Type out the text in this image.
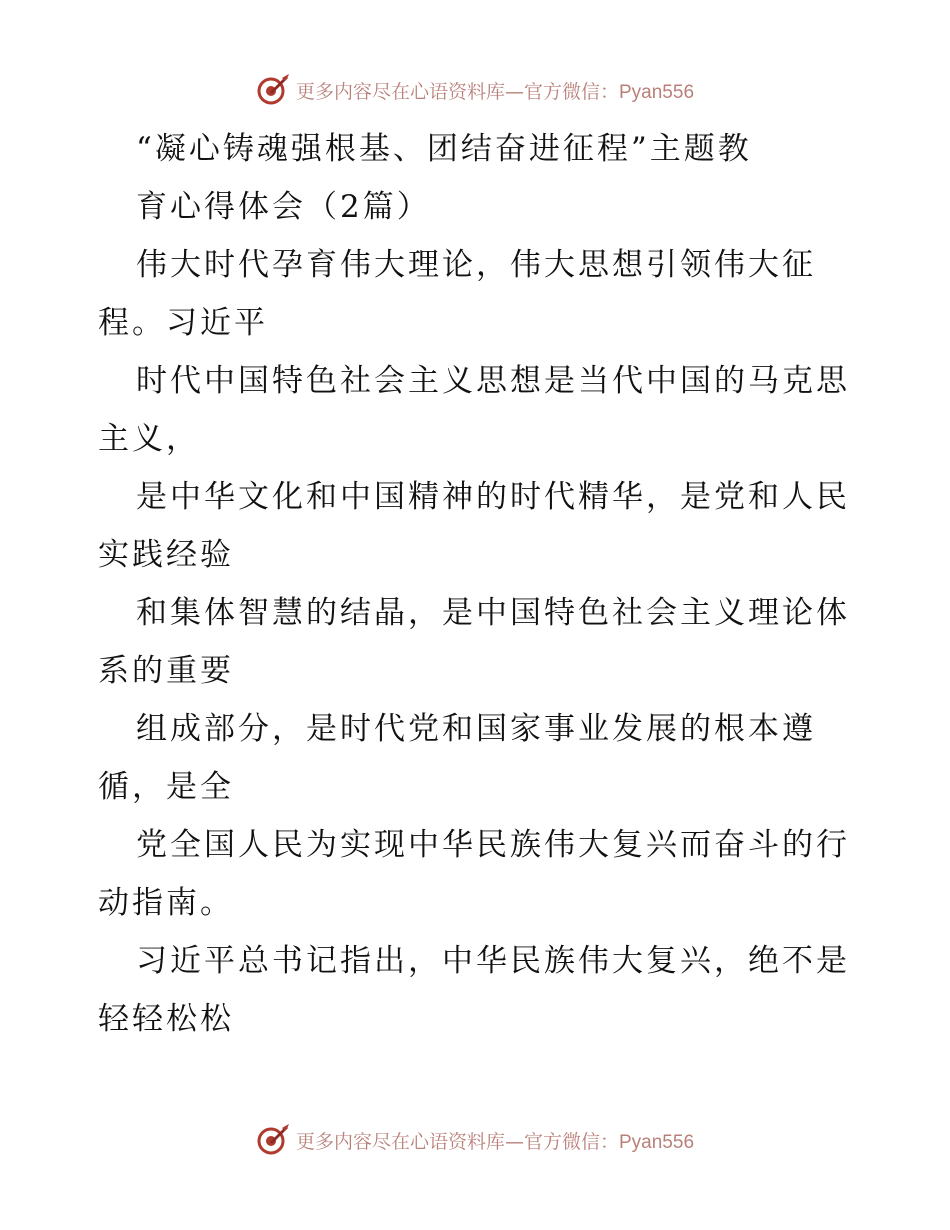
更多内容尽在心语资料库—官方微信：Pyan556
“凝心铸魂强根基、团结奋进征程”主题教
育心得体会（2篇）
伟大时代孕育伟大理论，伟大思想引领伟大征
程。习近平
时代中国特色社会主义思想是当代中国的马克思
主义，
是中华文化和中国精神的时代精华，是党和人民
实践经验
和集体智慧的结晶，是中国特色社会主义理论体
系的重要
组成部分，是时代党和国家事业发展的根本遵
循，是全
党全国人民为实现中华民族伟大复兴而奋斗的行
动指南。
习近平总书记指出，中华民族伟大复兴，绝不是
轻轻松松
更多内容尽在心语资料库—官方微信：Pyan556
